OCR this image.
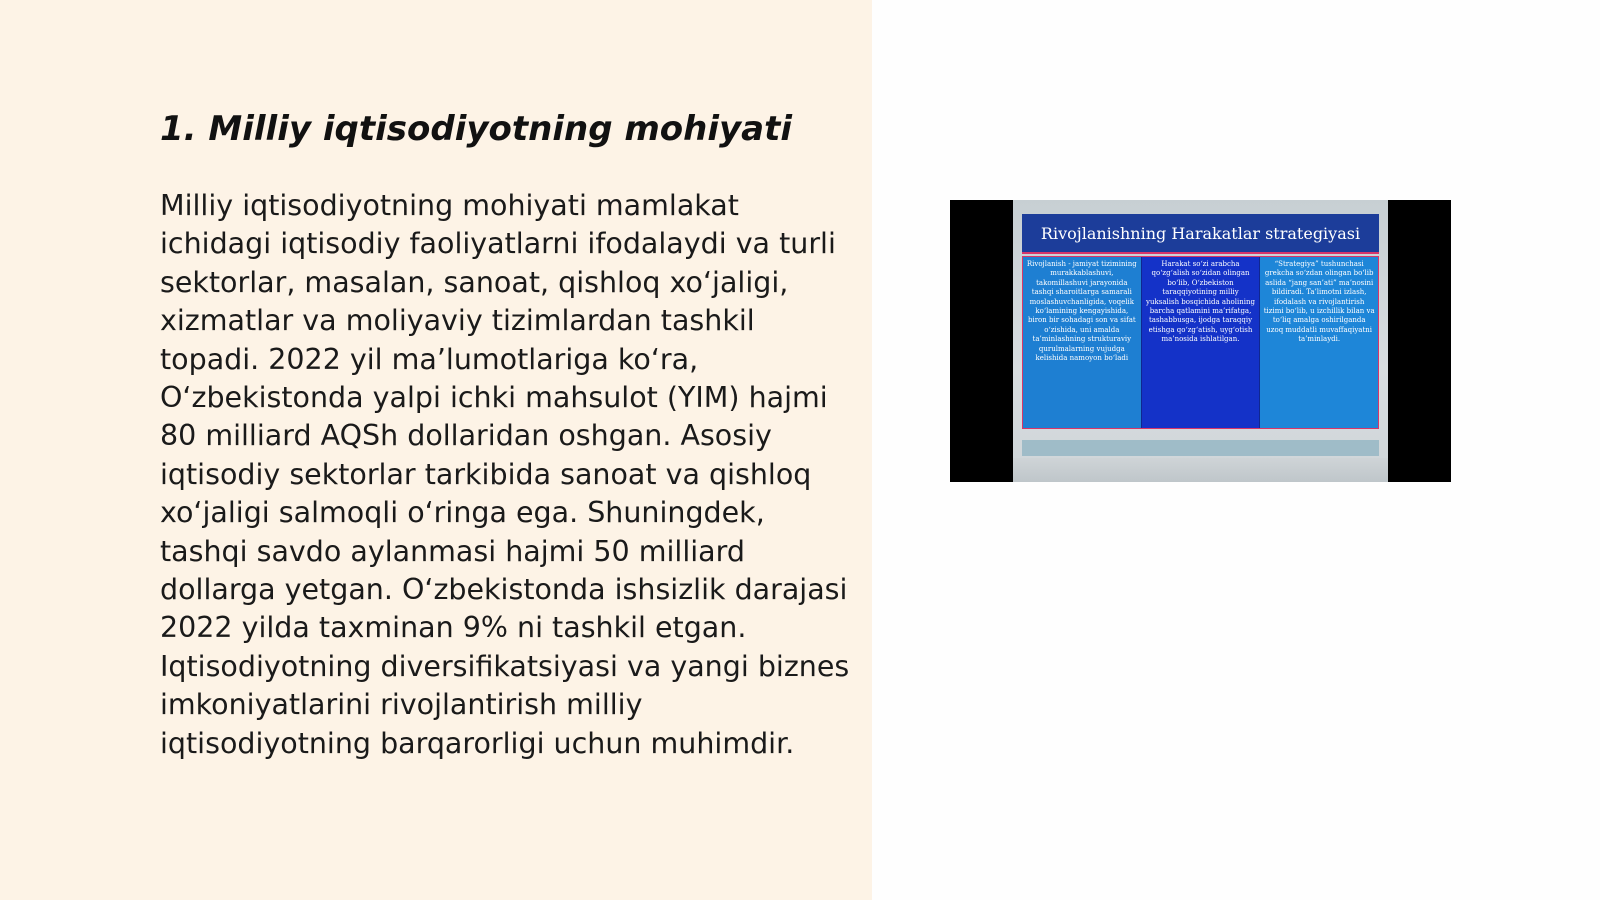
1. Milliy iqtisodiyotning mohiyati

Milliy iqtisodiyotning mohiyati mamlakat ichidagi iqtisodiy faoliyatlarni ifodalaydi va turli sektorlar, masalan, sanoat, qishloq xo‘jaligi, xizmatlar va moliyaviy tizimlardan tashkil topadi. 2022 yil ma’lumotlariga ko‘ra, O‘zbekistonda yalpi ichki mahsulot (YIM) hajmi 80 milliard AQSh dollaridan oshgan. Asosiy iqtisodiy sektorlar tarkibida sanoat va qishloq xo‘jaligi salmoqli o‘ringa ega. Shuningdek, tashqi savdo aylanmasi hajmi 50 milliard dollarga yetgan. O‘zbekistonda ishsizlik darajasi 2022 yilda taxminan 9% ni tashkil etgan. Iqtisodiyotning diversifikatsiyasi va yangi biznes imkoniyatlarini rivojlantirish milliy iqtisodiyotning barqarorligi uchun muhimdir.

Rivojlanishning Harakatlar strategiyasi
Rivojlanish - jamiyat tizimining murakkablashuvi, takomillashuvi jarayonida tashqi sharoitlarga samarali moslashuvchanligida, voqelik ko‘lamining kengayishida, biron bir sohadagi son va sifat o‘zishida, uni amalda ta’minlashning strukturaviy qurulmalarning vujudga kelishida namoyon bo‘ladi
Harakat so‘zi arabcha qo‘zg‘alish so‘zidan olingan bo‘lib, O‘zbekiston taraqqiyotining milliy yuksalish bosqichida aholining barcha qatlamini ma’rifatga, tashabbusga, ijodga taraqqiy etishga qo‘zg‘atish, uyg‘otish ma’nosida ishlatilgan.
“Strategiya” tushunchasi grekcha so‘zdan olingan bo‘lib aslida “jang san’ati” ma’nosini bildiradi. Ta’limotni izlash, ifodalash va rivojlantirish tizimi bo‘lib, u izchillik bilan va to‘liq amalga oshirilganda uzoq muddatli muvaffaqiyatni ta’minlaydi.
